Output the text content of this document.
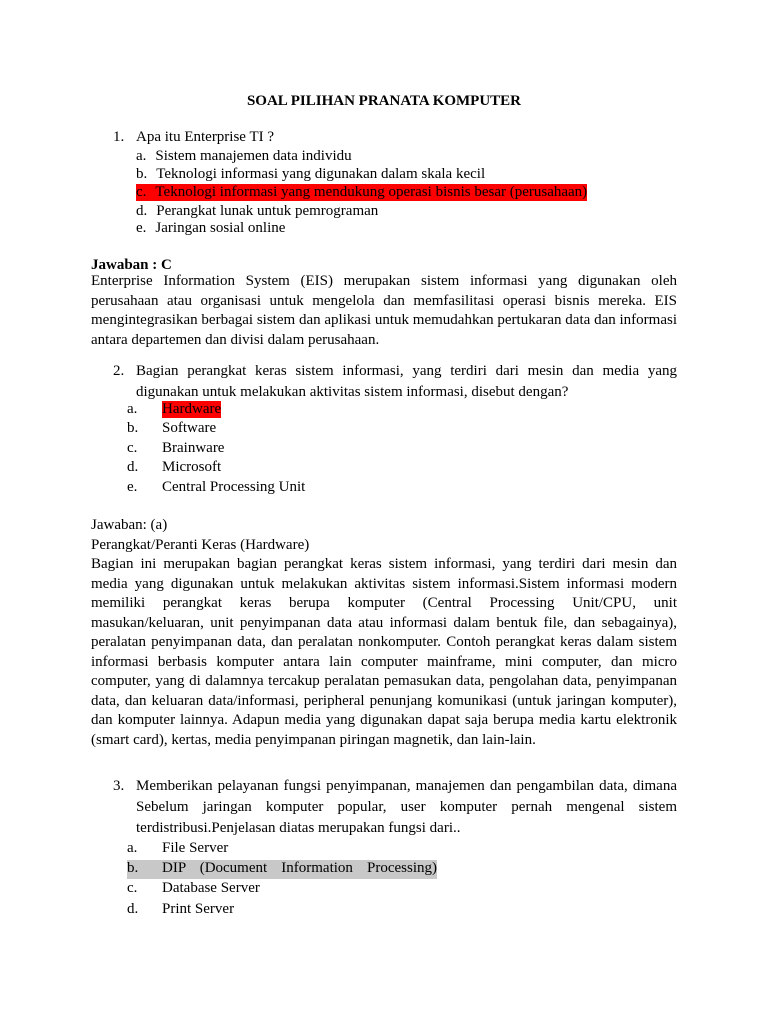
SOAL PILIHAN PRANATA KOMPUTER
1. Apa itu Enterprise TI ?
a. Sistem manajemen data individu
b. Teknologi informasi yang digunakan dalam skala kecil
c. Teknologi informasi yang mendukung operasi bisnis besar (perusahaan)
d. Perangkat lunak untuk pemrograman
e. Jaringan sosial online
Jawaban : C
Enterprise Information System (EIS) merupakan sistem informasi yang digunakan oleh perusahaan atau organisasi untuk mengelola dan memfasilitasi operasi bisnis mereka. EIS mengintegrasikan berbagai sistem dan aplikasi untuk memudahkan pertukaran data dan informasi antara departemen dan divisi dalam perusahaan.
2. Bagian perangkat keras sistem informasi, yang terdiri dari mesin dan media yang digunakan untuk melakukan aktivitas sistem informasi, disebut dengan?
a. Hardware
b. Software
c. Brainware
d. Microsoft
e. Central Processing Unit
Jawaban: (a)
Perangkat/Peranti Keras (Hardware)
Bagian ini merupakan bagian perangkat keras sistem informasi, yang terdiri dari mesin dan media yang digunakan untuk melakukan aktivitas sistem informasi.Sistem informasi modern memiliki perangkat keras berupa komputer (Central Processing Unit/CPU, unit masukan/keluaran, unit penyimpanan data atau informasi dalam bentuk file, dan sebagainya), peralatan penyimpanan data, dan peralatan nonkomputer. Contoh perangkat keras dalam sistem informasi berbasis komputer antara lain computer mainframe, mini computer, dan micro computer, yang di dalamnya tercakup peralatan pemasukan data, pengolahan data, penyimpanan data, dan keluaran data/informasi, peripheral penunjang komunikasi (untuk jaringan komputer), dan komputer lainnya. Adapun media yang digunakan dapat saja berupa media kartu elektronik (smart card), kertas, media penyimpanan piringan magnetik, dan lain-lain.
3. Memberikan pelayanan fungsi penyimpanan, manajemen dan pengambilan data, dimana Sebelum jaringan komputer popular, user komputer pernah mengenal sistem terdistribusi.Penjelasan diatas merupakan fungsi dari..
a. File Server
b. DIP (Document Information Processing)
c. Database Server
d. Print Server
